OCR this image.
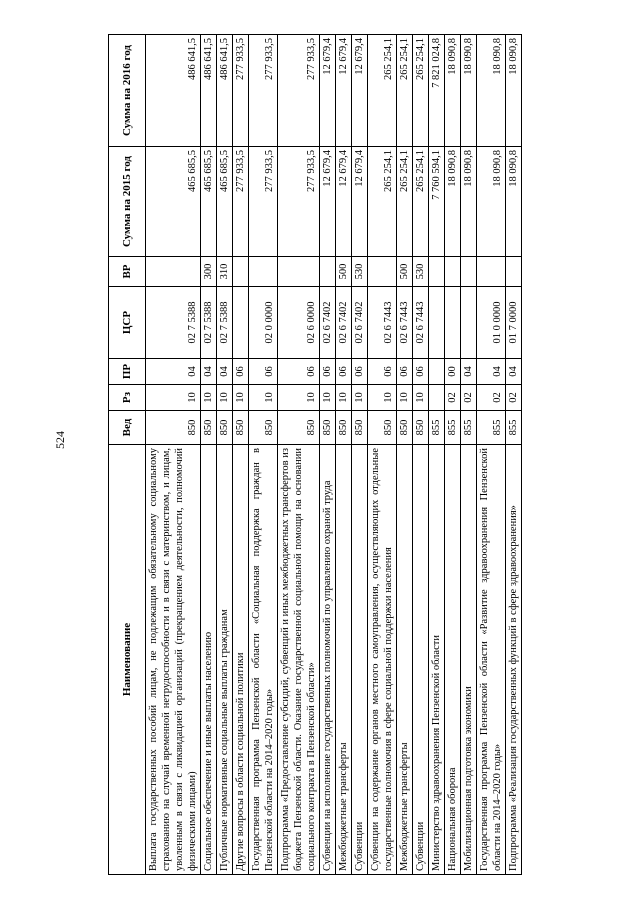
524
Наименование	Вед	Рз	ПР	ЦСР	ВР	Сумма на 2015 год	Сумма на 2016 год
Выплата государственных пособий лицам, не подлежащим обязательному социальному страхованию на случай временной нетрудоспособности и в связи с материнством, и лицам, уволенным в связи с ликвидацией организаций (прекращением деятельности, полномочий физическими лицами)	850	10	04	02 7 5388		465 685,5	486 641,5
Социальное обеспечение и иные выплаты населению	850	10	04	02 7 5388	300	465 685,5	486 641,5
Публичные нормативные социальные выплаты гражданам	850	10	04	02 7 5388	310	465 685,5	486 641,5
Другие вопросы в области социальной политики	850	10	06			277 933,5	277 933,5
Государственная программа Пензенской области «Социальная поддержка граждан в Пензенской области на 2014–2020 годы»	850	10	06	02 0 0000		277 933,5	277 933,5
Подпрограмма «Предоставление субсидий, субвенций и иных межбюджетных трансфертов из бюджета Пензенской области. Оказание государственной социальной помощи на основании социального контракта в Пензенской области»	850	10	06	02 6 0000		277 933,5	277 933,5
Субвенции на исполнение государственных полномочий по управлению охраной труда	850	10	06	02 6 7402		12 679,4	12 679,4
Межбюджетные трансферты	850	10	06	02 6 7402	500	12 679,4	12 679,4
Субвенции	850	10	06	02 6 7402	530	12 679,4	12 679,4
Субвенции на содержание органов местного самоуправления, осуществляющих отдельные государственные полномочия в сфере социальной поддержки населения	850	10	06	02 6 7443		265 254,1	265 254,1
Межбюджетные трансферты	850	10	06	02 6 7443	500	265 254,1	265 254,1
Субвенции	850	10	06	02 6 7443	530	265 254,1	265 254,1
Министерство здравоохранения Пензенской области	855					7 760 594,1	7 821 024,8
Национальная оборона	855	02	00			18 090,8	18 090,8
Мобилизационная подготовка экономики	855	02	04			18 090,8	18 090,8
Государственная программа Пензенской области «Развитие здравоохранения Пензенской области на 2014–2020 годы»	855	02	04	01 0 0000		18 090,8	18 090,8
Подпрограмма «Реализация государственных функций в сфере здравоохранения»	855	02	04	01 7 0000		18 090,8	18 090,8
